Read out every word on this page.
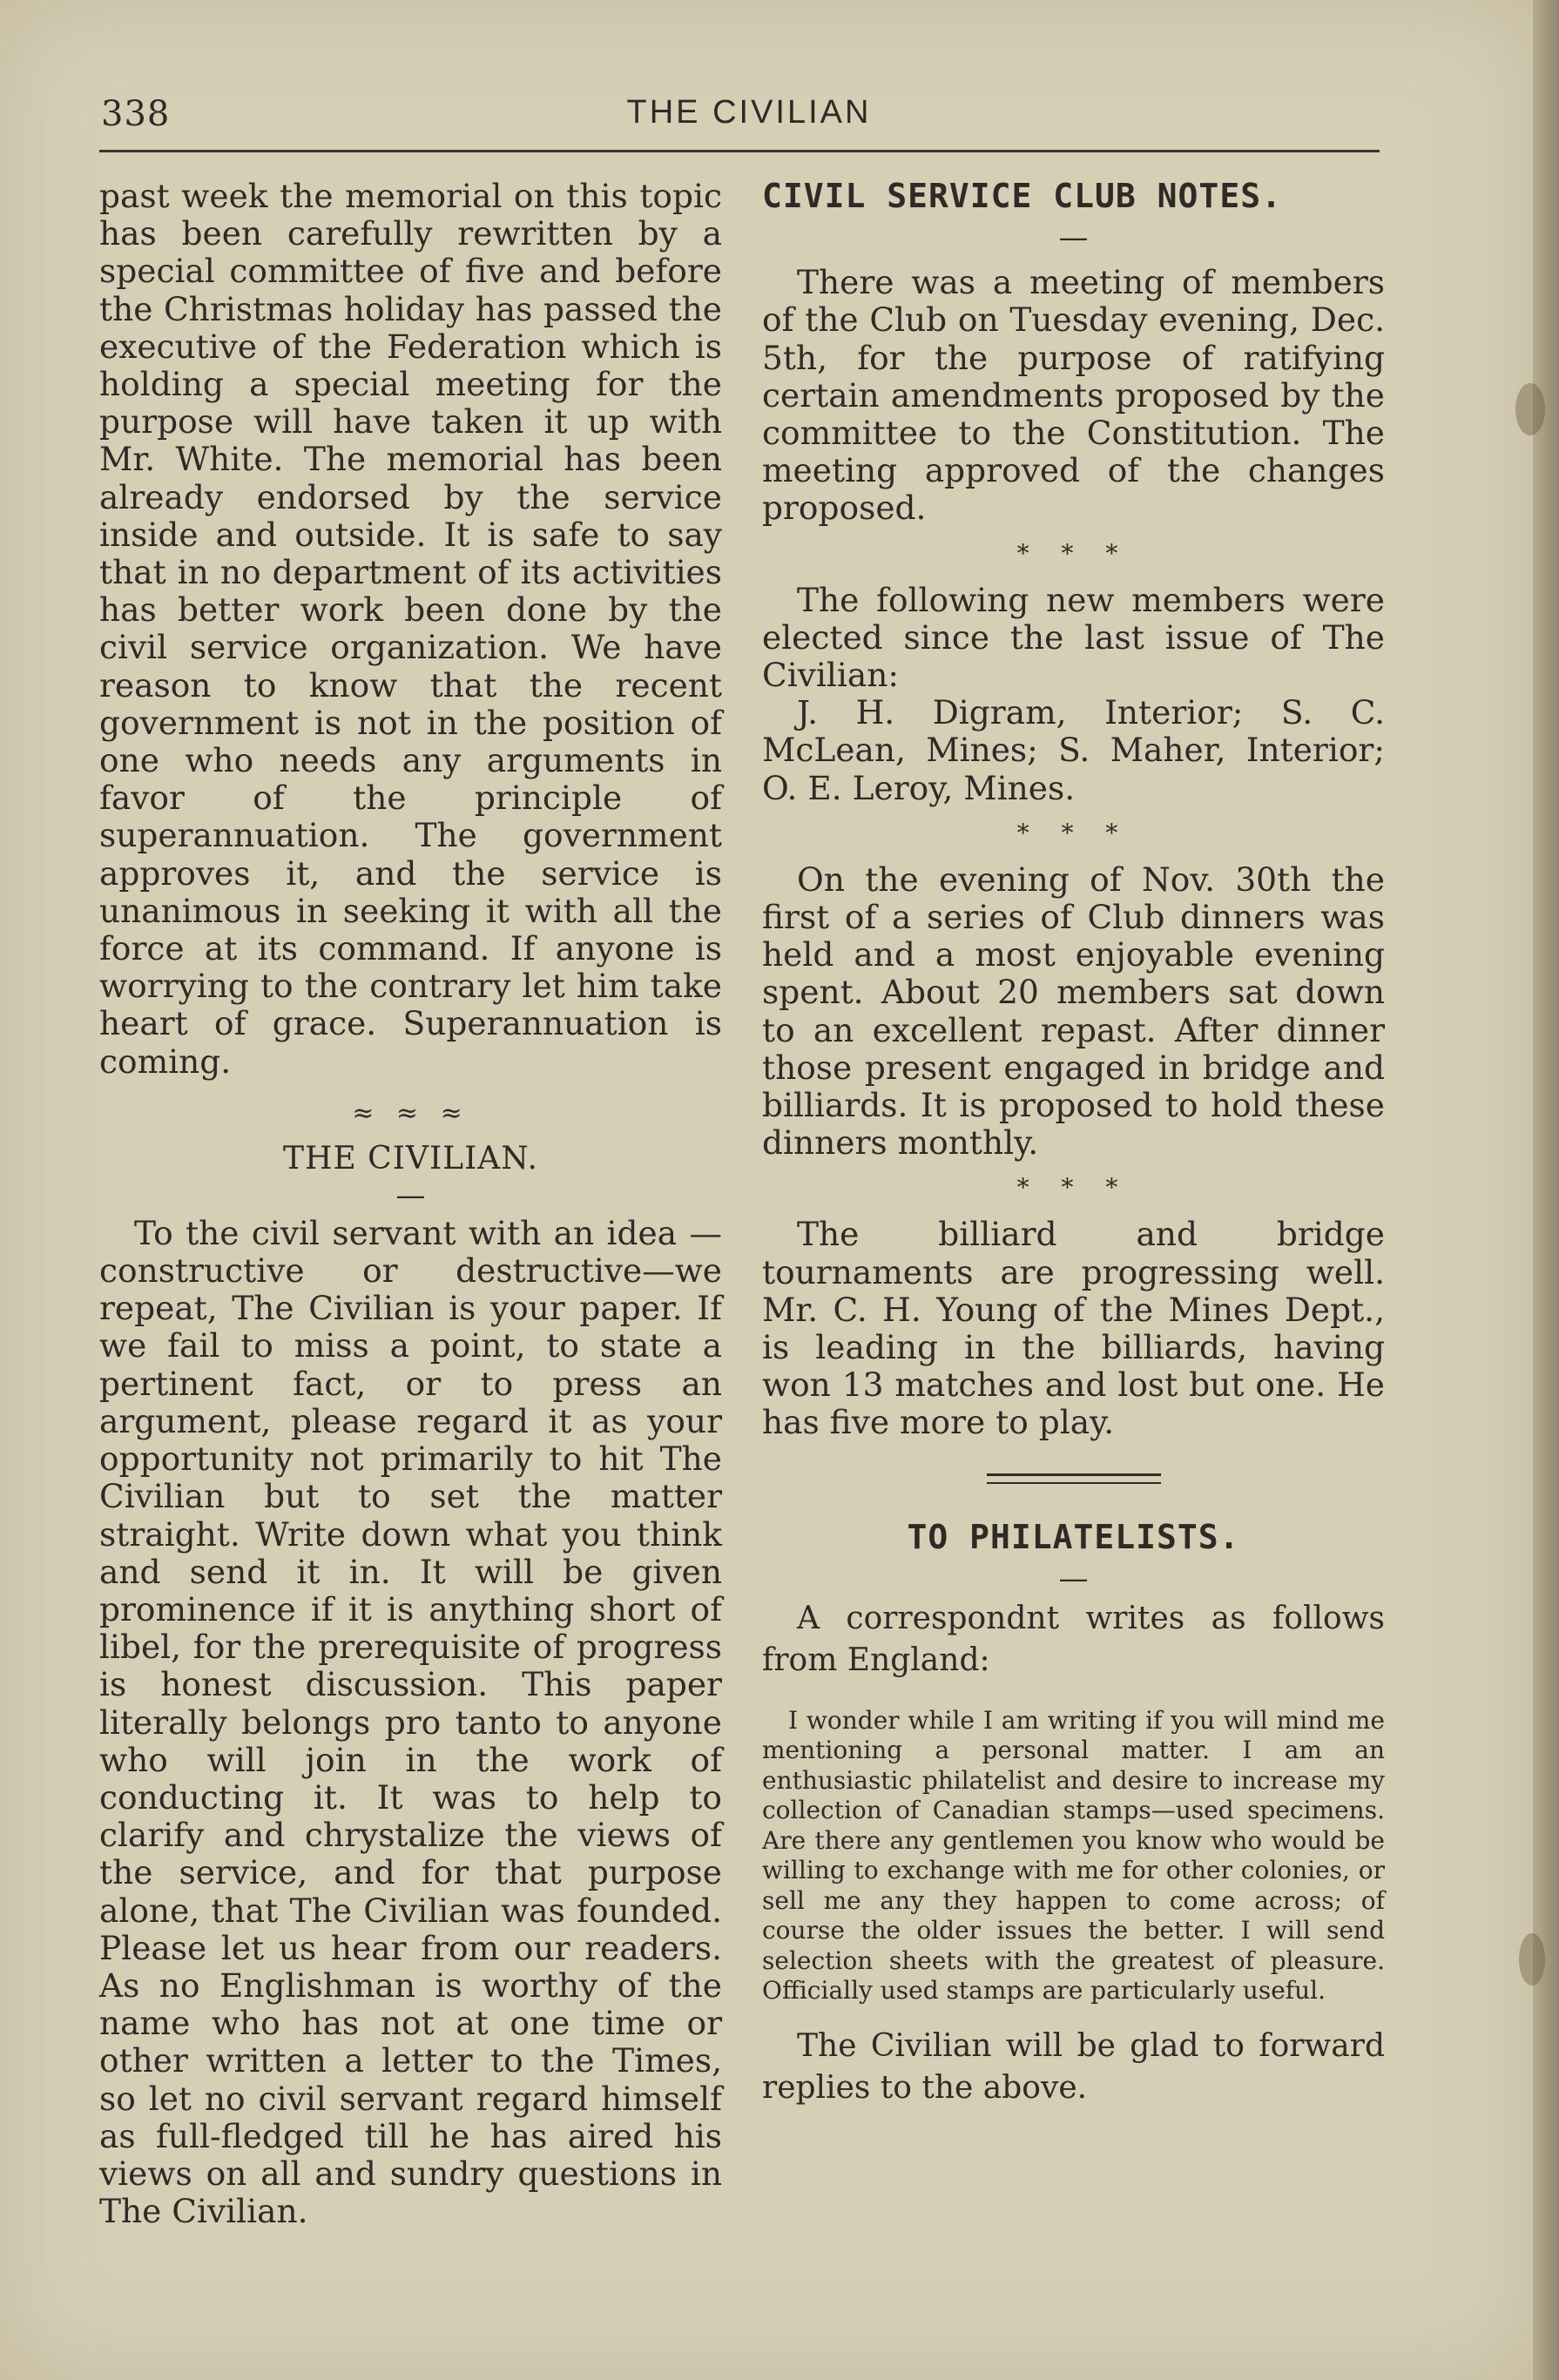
338	THE CIVILIAN

past week the memorial on this topic has been carefully rewritten by a special committee of five and before the Christmas holiday has passed the executive of the Federation which is holding a special meeting for the purpose will have taken it up with Mr. White. The memorial has been already endorsed by the service inside and outside. It is safe to say that in no department of its activities has better work been done by the civil service organization. We have reason to know that the recent government is not in the position of one who needs any arguments in favor of the principle of superannuation. The government approves it, and the service is unanimous in seeking it with all the force at its command. If anyone is worrying to the contrary let him take heart of grace. Superannuation is coming.

≈ ≈ ≈
THE CIVILIAN.
—

To the civil servant with an idea —constructive or destructive—we repeat, The Civilian is your paper. If we fail to miss a point, to state a pertinent fact, or to press an argument, please regard it as your opportunity not primarily to hit The Civilian but to set the matter straight. Write down what you think and send it in. It will be given prominence if it is anything short of libel, for the prerequisite of progress is honest discussion. This paper literally belongs pro tanto to anyone who will join in the work of conducting it. It was to help to clarify and chrystalize the views of the service, and for that purpose alone, that The Civilian was founded. Please let us hear from our readers. As no Englishman is worthy of the name who has not at one time or other written a letter to the Times, so let no civil servant regard himself as full-fledged till he has aired his views on all and sundry questions in The Civilian.

CIVIL SERVICE CLUB NOTES.
—

There was a meeting of members of the Club on Tuesday evening, Dec. 5th, for the purpose of ratifying certain amendments proposed by the committee to the Constitution. The meeting approved of the changes proposed.

* * *

The following new members were elected since the last issue of The Civilian:

J. H. Digram, Interior; S. C. McLean, Mines; S. Maher, Interior; O. E. Leroy, Mines.

* * *

On the evening of Nov. 30th the first of a series of Club dinners was held and a most enjoyable evening spent. About 20 members sat down to an excellent repast. After dinner those present engaged in bridge and billiards. It is proposed to hold these dinners monthly.

* * *

The billiard and bridge tournaments are progressing well. Mr. C. H. Young of the Mines Dept., is leading in the billiards, having won 13 matches and lost but one. He has five more to play.

TO PHILATELISTS.
—

A correspondnt writes as follows from England:

I wonder while I am writing if you will mind me mentioning a personal matter. I am an enthusiastic philatelist and desire to increase my collection of Canadian stamps—used specimens. Are there any gentlemen you know who would be willing to exchange with me for other colonies, or sell me any they happen to come across; of course the older issues the better. I will send selection sheets with the greatest of pleasure. Officially used stamps are particularly useful.

The Civilian will be glad to forward replies to the above.
